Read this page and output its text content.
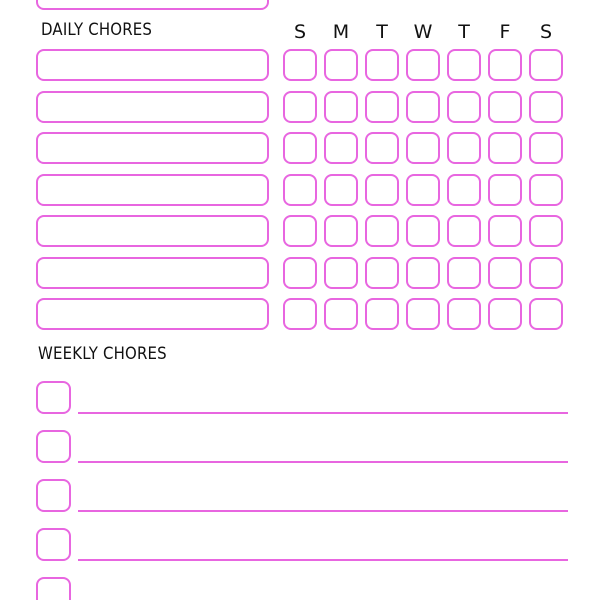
DAILY CHORES	S	M	T	W	T	F	S
WEEKLY CHORES
